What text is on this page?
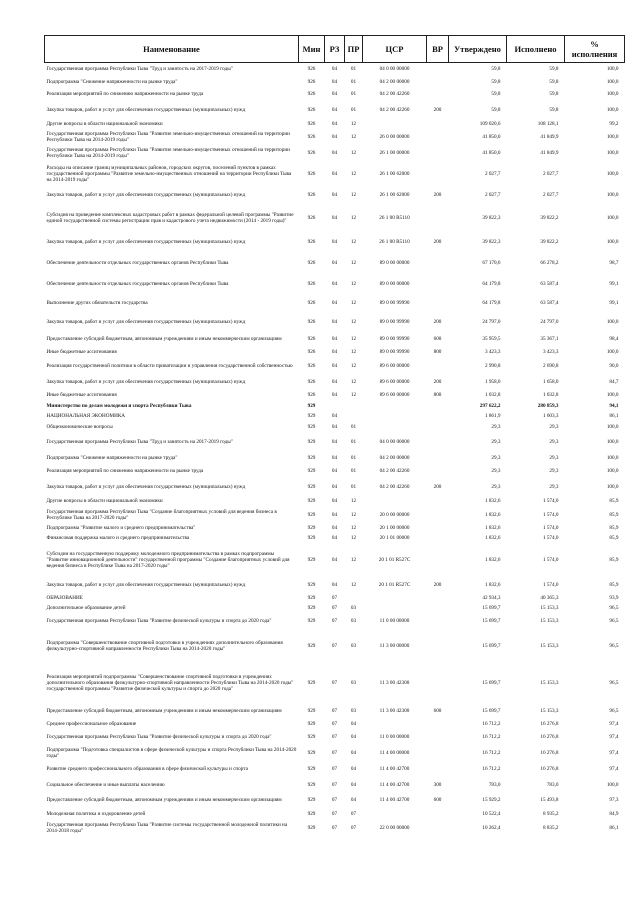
Наименование	Мин	РЗ	ПР	ЦСР	ВР	Утверждено	Исполнено	%
исполнения

Государственная программа Республики Тыва "Труд и занятость на 2017-2019 годы"	926	04	01	04 0 00 00000		59,8	59,8	100,0
Подпрограмма "Снижение напряженности на рынке труда"	926	04	01	04 2 00 00000		59,8	59,8	100,0
Реализация мероприятий по снижению напряженности на рынке труда	926	04	01	04 2 00 42260		59,8	59,8	100,0
Закупка товаров, работ и услуг для обеспечения государственных (муниципальных) нужд	926	04	01	04 2 00 42260	200	59,8	59,8	100,0
Другие вопросы в области национальной экономики	926	04	12			109 020,6	108 128,1	99,2
Государственная программа Республики Тыва "Развитие земельно-имущественных отношений на территории Республики Тыва на 2014-2019 годы"	926	04	12	26 0 00 00000		41 850,0	41 849,9	100,0
Государственная программа Республики Тыва "Развитие земельно-имущественных отношений на территории Республики Тыва на 2014-2019 годы"	926	04	12	26 1 00 00000		41 850,0	41 849,9	100,0
Расходы на описание границ муниципальных районов, городских округов, поселений пунктов в рамках государственной программы "Развитие земельно-имущественных отношений на территории Республики Тыва на 2014-2019 годы"	926	04	12	26 1 00 62000		2 027,7	2 027,7	100,0
Закупка товаров, работ и услуг для обеспечения государственных (муниципальных) нужд	926	04	12	26 1 00 62000	200	2 027,7	2 027,7	100,0
Субсидия на проведение комплексных кадастровых работ в рамках федеральной целевой программы "Развитие единой государственной системы регистрации прав и кадастрового учета недвижимости (2014 - 2019 годы)"	926	04	12	26 1 00 R5110		39 822,3	39 822,2	100,0
Закупка товаров, работ и услуг для обеспечения государственных (муниципальных) нужд	926	04	12	26 1 00 R5110	200	39 822,3	39 822,2	100,0
Обеспечение деятельности отдельных государственных органов Республики Тыва	926	04	12	89 0 00 00000		67 170,6	66 278,2	98,7
Обеспечение деятельности отдельных государственных органов Республики Тыва	926	04	12	89 0 00 00000		64 179,8	63 587,4	99,1
Выполнение других обязательств государства	926	04	12	89 0 00 99990		64 179,8	63 587,4	99,1
Закупка товаров, работ и услуг для обеспечения государственных (муниципальных) нужд	926	04	12	89 0 00 99990	200	24 797,0	24 797,0	100,0
Предоставление субсидий бюджетным, автономным учреждениям и иным некоммерческим организациям	926	04	12	89 0 00 99990	600	35 959,5	35 367,1	98,4
Иные бюджетные ассигнования	926	04	12	89 0 00 99990	800	3 423,3	3 423,3	100,0
Реализация государственной политики в области приватизации и управления государственной собственностью	926	04	12	89 6 00 00000		2 990,8	2 690,8	90,0
Закупка товаров, работ и услуг для обеспечения государственных (муниципальных) нужд	926	04	12	89 6 00 00000	200	1 958,0	1 658,0	84,7
Иные бюджетные ассигнования	926	04	12	89 6 00 00000	800	1 032,8	1 032,8	100,0
Министерство по делам молодежи и спорта Республики Тыва	929					297 622,2	280 859,3	94,1
НАЦИОНАЛЬНАЯ ЭКОНОМИКА	929	04				1 861,9	1 603,3	86,1
Общеэкономические вопросы	929	04	01			29,3	29,3	100,0
Государственная программа Республики Тыва "Труд и занятость на 2017-2019 годы"	929	04	01	04 0 00 00000		29,3	29,3	100,0
Подпрограмма "Снижение напряженности на рынке труда"	929	04	01	04 2 00 00000		29,3	29,3	100,0
Реализация мероприятий по снижению напряженности на рынке труда	929	04	01	04 2 00 42260		29,3	29,3	100,0
Закупка товаров, работ и услуг для обеспечения государственных (муниципальных) нужд	929	04	01	04 2 00 42260	200	29,3	29,3	100,0
Другие вопросы в области национальной экономики	929	04	12			1 832,6	1 574,0	85,9
Государственная программа Республики Тыва "Создание благоприятных условий для ведения бизнеса в Республике Тыва на 2017-2020 годы"	929	04	12	20 0 00 00000		1 832,6	1 574,0	85,9
Подпрограмма "Развитие малого и среднего предпринимательства"	929	04	12	20 1 00 00000		1 832,6	1 574,0	85,9
Финансовая поддержка малого и среднего предпринимательства	929	04	12	20 1 01 00000		1 832,6	1 574,0	85,9
Субсидии на государственную поддержку молодежного предпринимательства в рамках подпрограммы "Развитие инновационной деятельности" государственной программы "Создание благоприятных условий для ведения бизнеса в Республике Тыва на 2017-2020 годы"	929	04	12	20 1 01 R527C		1 832,6	1 574,0	85,9
Закупка товаров, работ и услуг для обеспечения государственных (муниципальных) нужд	929	04	12	20 1 01 R527C	200	1 832,6	1 574,0	85,9
ОБРАЗОВАНИЕ	929	07				42 934,3	40 365,3	93,9
Дополнительное образование детей	929	07	03			15 699,7	15 153,3	96,5
Государственная программа Республики Тыва "Развитие физической культуры и спорта до 2020 года"	929	07	03	11 0 00 00000		15 699,7	15 153,3	96,5
Подпрограмма "Совершенствование спортивной подготовки в учреждениях дополнительного образования физкультурно-спортивной направленности Республики Тыва на 2014-2020 годы"	929	07	03	11 3 00 00000		15 699,7	15 153,3	96,5
Реализация мероприятий подпрограммы "Совершенствование спортивной подготовки в учреждениях дополнительного образования физкультурно-спортивной направленности Республики Тыва на 2014-2020 годы" государственной программы "Развитие физической культуры и спорта до 2020 года"	929	07	03	11 3 00 42300		15 699,7	15 153,3	96,5
Предоставление субсидий бюджетным, автономным учреждениям и иным некоммерческим организациям	929	07	03	11 3 00 42300	600	15 699,7	15 153,3	96,5
Среднее профессиональное образование	929	07	04			16 712,2	16 276,8	97,4
Государственная программа Республики Тыва "Развитие физической культуры и спорта до 2020 года"	929	07	04	11 0 00 00000		16 712,2	16 276,8	97,4
Подпрограмма "Подготовка специалистов в сфере физической культуры и спорта Республики Тыва на 2014-2020 годы"	929	07	04	11 4 00 00000		16 712,2	16 276,8	97,4
Развитие среднего профессионального образования в сфере физической культуры и спорта	929	07	04	11 4 00 42700		16 712,2	16 276,8	97,4
Социальное обеспечение и иные выплаты населению	929	07	04	11 4 00 42700	300	783,0	783,0	100,0
Предоставление субсидий бюджетным, автономным учреждениям и иным некоммерческим организациям	929	07	04	11 4 00 42700	600	15 929,2	15 493,8	97,3
Молодежная политика и оздоровление детей	929	07	07			10 522,4	8 935,2	84,9
Государственная программа Республики Тыва "Развитие системы государственной молодежной политики на 2014-2018 годы"	929	07	07	22 0 00 00000		10 262,4	8 835,2	86,1
